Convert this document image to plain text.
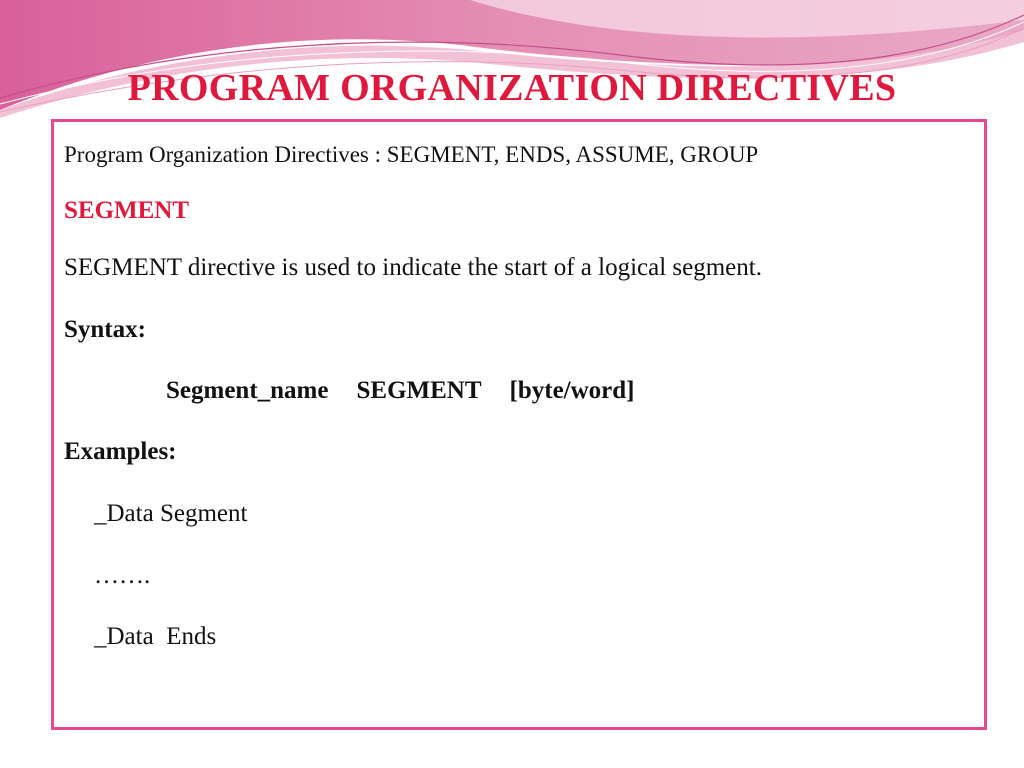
PROGRAM ORGANIZATION DIRECTIVES
Program Organization Directives : SEGMENT, ENDS, ASSUME, GROUP
SEGMENT
SEGMENT directive is used to indicate the start of a logical segment.
Syntax:
Segment_name SEGMENT [byte/word]
Examples:
_Data Segment
…….
_Data  Ends
